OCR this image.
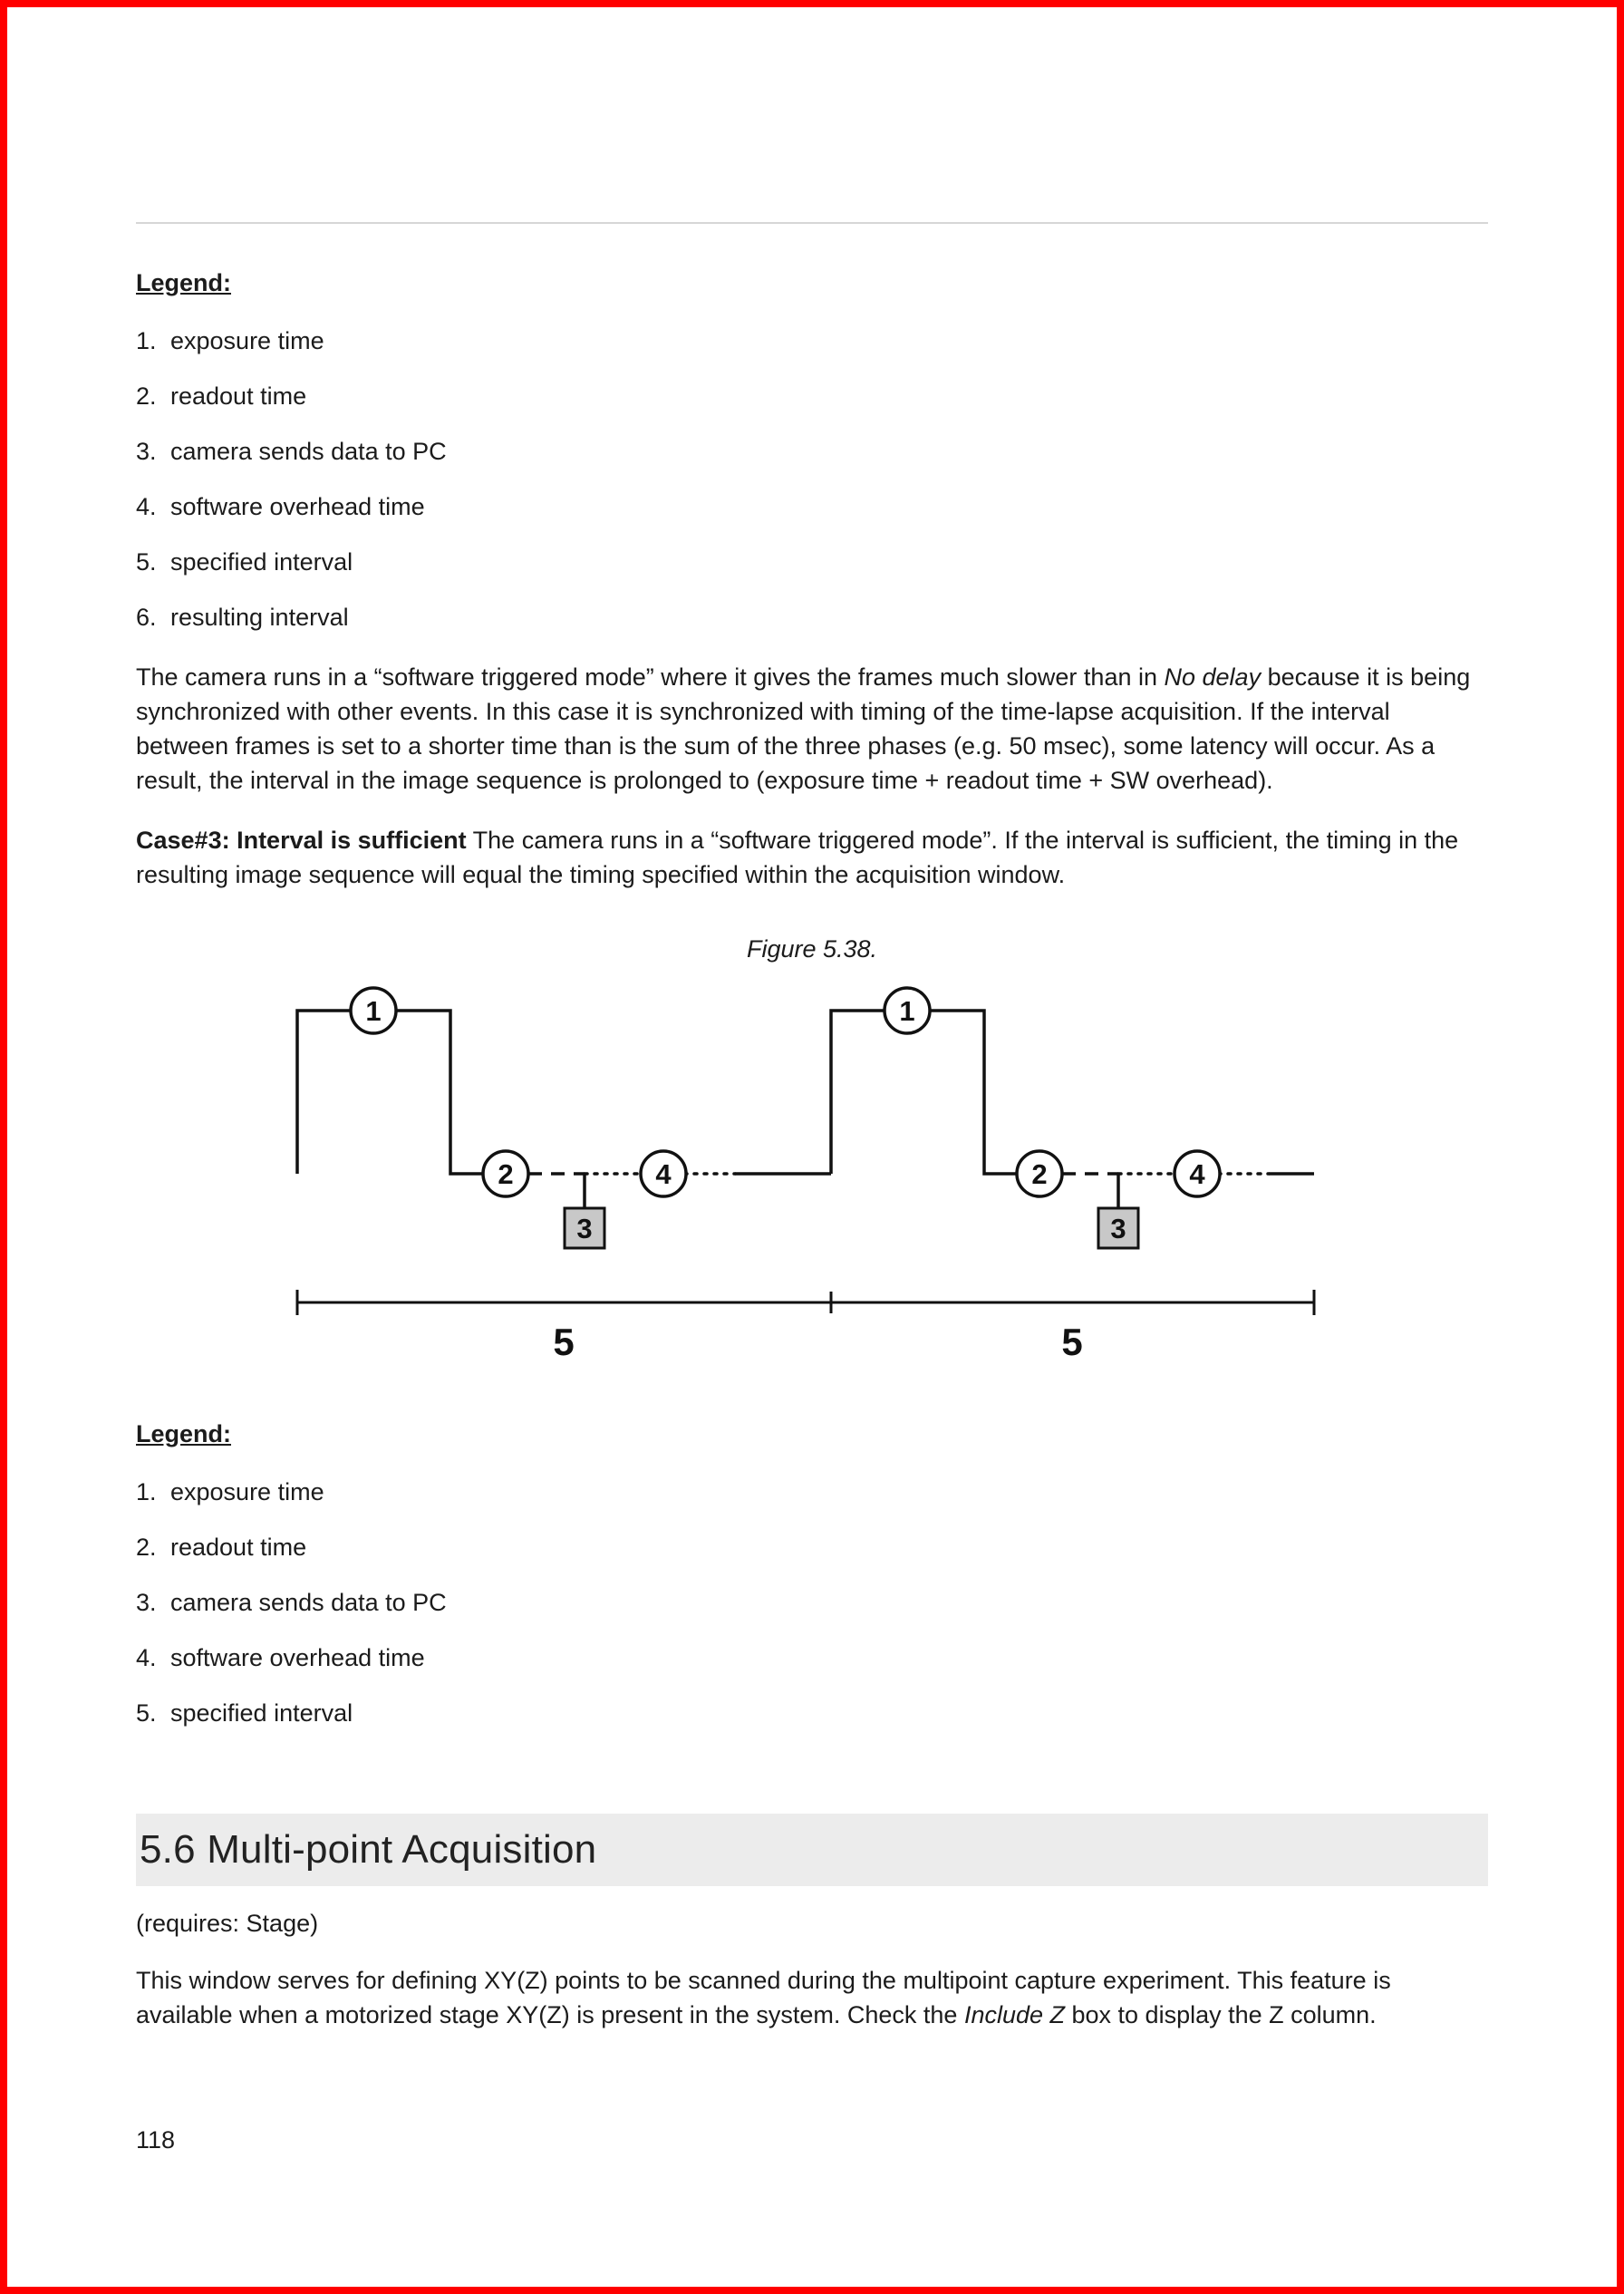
Legend:
1. exposure time
2. readout time
3. camera sends data to PC
4. software overhead time
5. specified interval
6. resulting interval

The camera runs in a “software triggered mode” where it gives the frames much slower than in No delay because it is being synchronized with other events. In this case it is synchronized with timing of the time-lapse acquisition. If the interval between frames is set to a shorter time than is the sum of the three phases (e.g. 50 msec), some latency will occur. As a result, the interval in the image sequence is prolonged to (exposure time + readout time + SW overhead).

Case#3: Interval is sufficient The camera runs in a “software triggered mode”. If the interval is sufficient, the timing in the resulting image sequence will equal the timing specified within the acquisition window.

Figure 5.38.
3
1
2	4
3
1
2	4
5	5
Legend:
1. exposure time
2. readout time
3. camera sends data to PC
4. software overhead time
5. specified interval
5.6 Multi-point Acquisition
(requires: Stage)

This window serves for defining XY(Z) points to be scanned during the multipoint capture experiment. This feature is available when a motorized stage XY(Z) is present in the system. Check the Include Z box to display the Z column.

118
